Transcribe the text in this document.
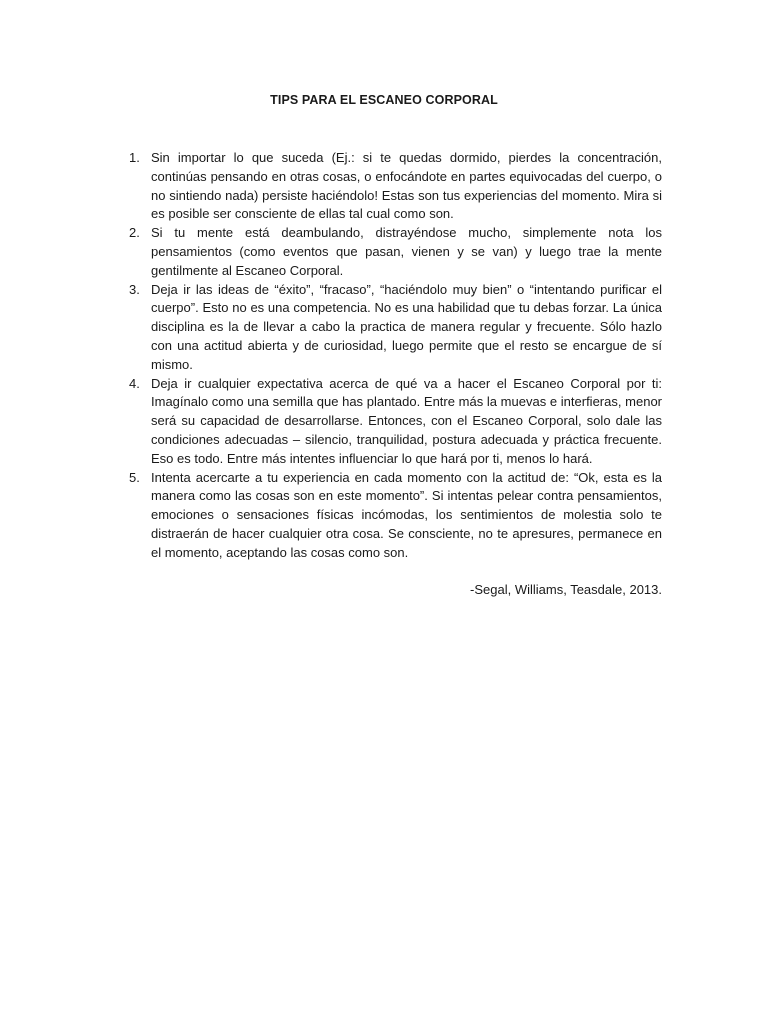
TIPS PARA EL ESCANEO CORPORAL
1. Sin importar lo que suceda (Ej.: si te quedas dormido, pierdes la concentración, continúas pensando en otras cosas, o enfocándote en partes equivocadas del cuerpo, o no sintiendo nada) persiste haciéndolo! Estas son tus experiencias del momento. Mira si es posible ser consciente de ellas tal cual como son.

2. Si tu mente está deambulando, distrayéndose mucho, simplemente nota los pensamientos (como eventos que pasan, vienen y se van) y luego trae la mente gentilmente al Escaneo Corporal.

3. Deja ir las ideas de “éxito”, “fracaso”, “haciéndolo muy bien” o “intentando purificar el cuerpo”. Esto no es una competencia. No es una habilidad que tu debas forzar. La única disciplina es la de llevar a cabo la practica de manera regular y frecuente. Sólo hazlo con una actitud abierta y de curiosidad, luego permite que el resto se encargue de sí mismo.

4. Deja ir cualquier expectativa acerca de qué va a hacer el Escaneo Corporal por ti: Imagínalo como una semilla que has plantado. Entre más la muevas e interfieras, menor será su capacidad de desarrollarse. Entonces, con el Escaneo Corporal, solo dale las condiciones adecuadas – silencio, tranquilidad, postura adecuada y práctica frecuente. Eso es todo. Entre más intentes influenciar lo que hará por ti, menos lo hará.

5. Intenta acercarte a tu experiencia en cada momento con la actitud de: “Ok, esta es la manera como las cosas son en este momento”. Si intentas pelear contra pensamientos, emociones o sensaciones físicas incómodas, los sentimientos de molestia solo te distraerán de hacer cualquier otra cosa. Se consciente, no te apresures, permanece en el momento, aceptando las cosas como son.

-Segal, Williams, Teasdale, 2013.
